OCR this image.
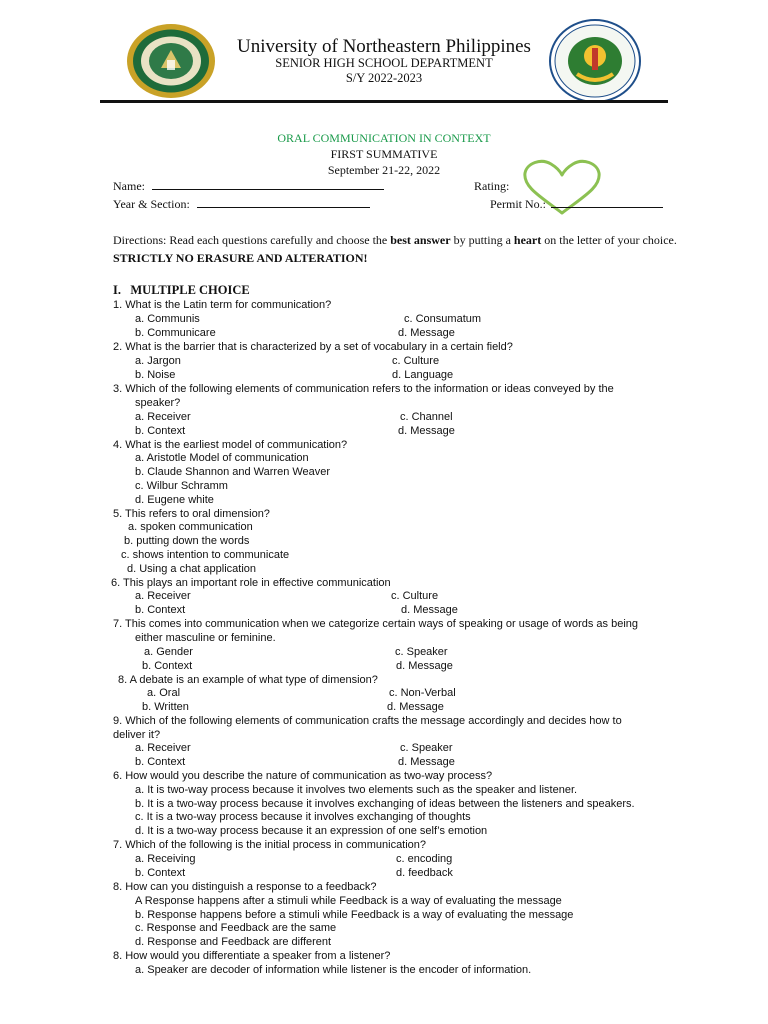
University of Northeastern Philippines
SENIOR HIGH SCHOOL DEPARTMENT
S/Y 2022-2023
ORAL COMMUNICATION IN CONTEXT
FIRST SUMMATIVE
September 21-22, 2022
Name:	Rating:
Year & Section:	Permit No.:
Directions: Read each questions carefully and choose the best answer by putting a heart on the letter of your choice. STRICTLY NO ERASURE AND ALTERATION!
I. MULTIPLE CHOICE
1. What is the Latin term for communication?
a. Communis	c. Consumatum
b. Communicare	d. Message
2. What is the barrier that is characterized by a set of vocabulary in a certain field?
a. Jargon	c. Culture
b. Noise	d. Language
3. Which of the following elements of communication refers to the information or ideas conveyed by the
speaker?
a. Receiver	c. Channel
b. Context	d. Message
4. What is the earliest model of communication?
a. Aristotle Model of communication
b. Claude Shannon and Warren Weaver
c. Wilbur Schramm
d. Eugene white
5. This refers to oral dimension?
a. spoken communication
b. putting down the words
c. shows intention to communicate
d. Using a chat application
6. This plays an important role in effective communication
a. Receiver	c. Culture
b. Context	d. Message
7. This comes into communication when we categorize certain ways of speaking or usage of words as being
either masculine or feminine.
a. Gender	c. Speaker
b. Context	d. Message
8. A debate is an example of what type of dimension?
a. Oral	c. Non-Verbal
b. Written	d. Message
9. Which of the following elements of communication crafts the message accordingly and decides how to
deliver it?
a. Receiver	c. Speaker
b. Context	d. Message
6. How would you describe the nature of communication as two-way process?
a. It is two-way process because it involves two elements such as the speaker and listener.
b. It is a two-way process because it involves exchanging of ideas between the listeners and speakers.
c. It is a two-way process because it involves exchanging of thoughts
d. It is a two-way process because it an expression of one self’s emotion
7. Which of the following is the initial process in communication?
a. Receiving	c. encoding
b. Context	d. feedback
8. How can you distinguish a response to a feedback?
A Response happens after a stimuli while Feedback is a way of evaluating the message
b. Response happens before a stimuli while Feedback is a way of evaluating the message
c. Response and Feedback are the same
d. Response and Feedback are different
8. How would you differentiate a speaker from a listener?
a. Speaker are decoder of information while listener is the encoder of information.
